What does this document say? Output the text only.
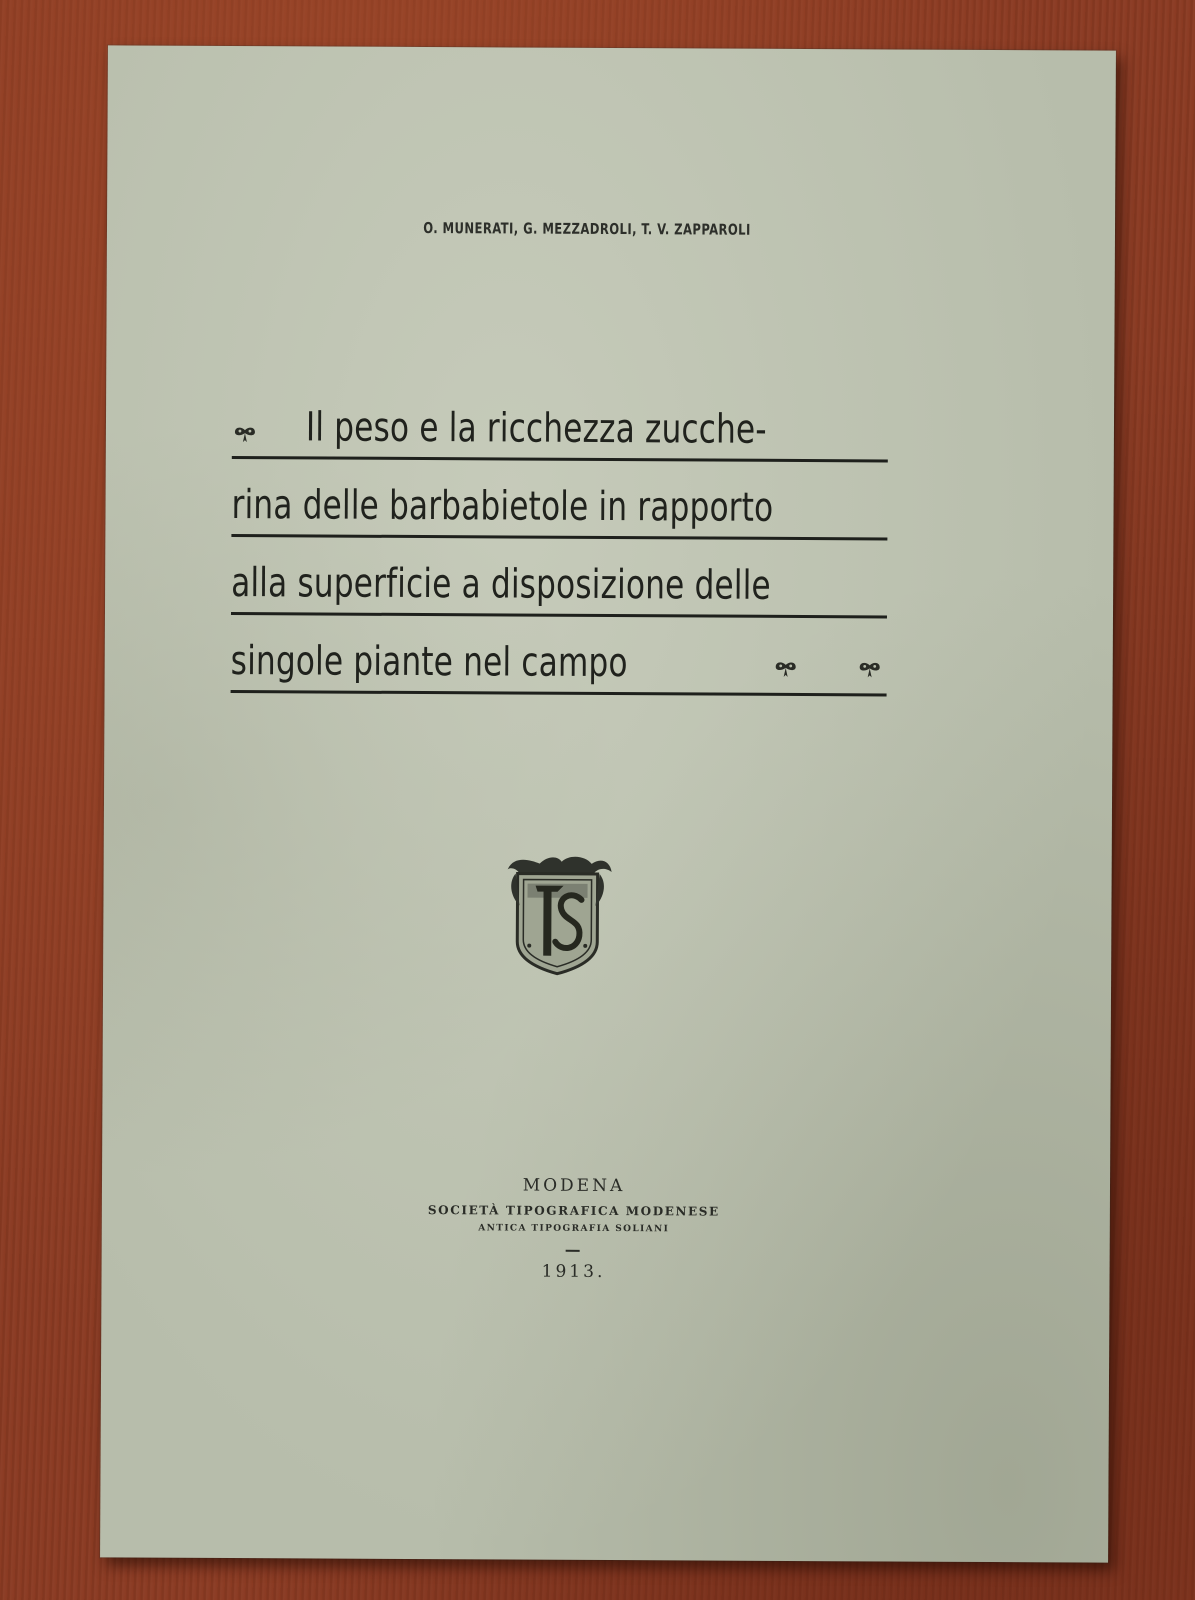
O. MUNERATI, G. MEZZADROLI, T. V. ZAPPAROLI
Il peso e la ricchezza zucche-
rina delle barbabietole in rapporto
alla superficie a disposizione delle
singole piante nel campo
MODENA
SOCIETÀ TIPOGRAFICA MODENESE
ANTICA TIPOGRAFIA SOLIANI
1913.
